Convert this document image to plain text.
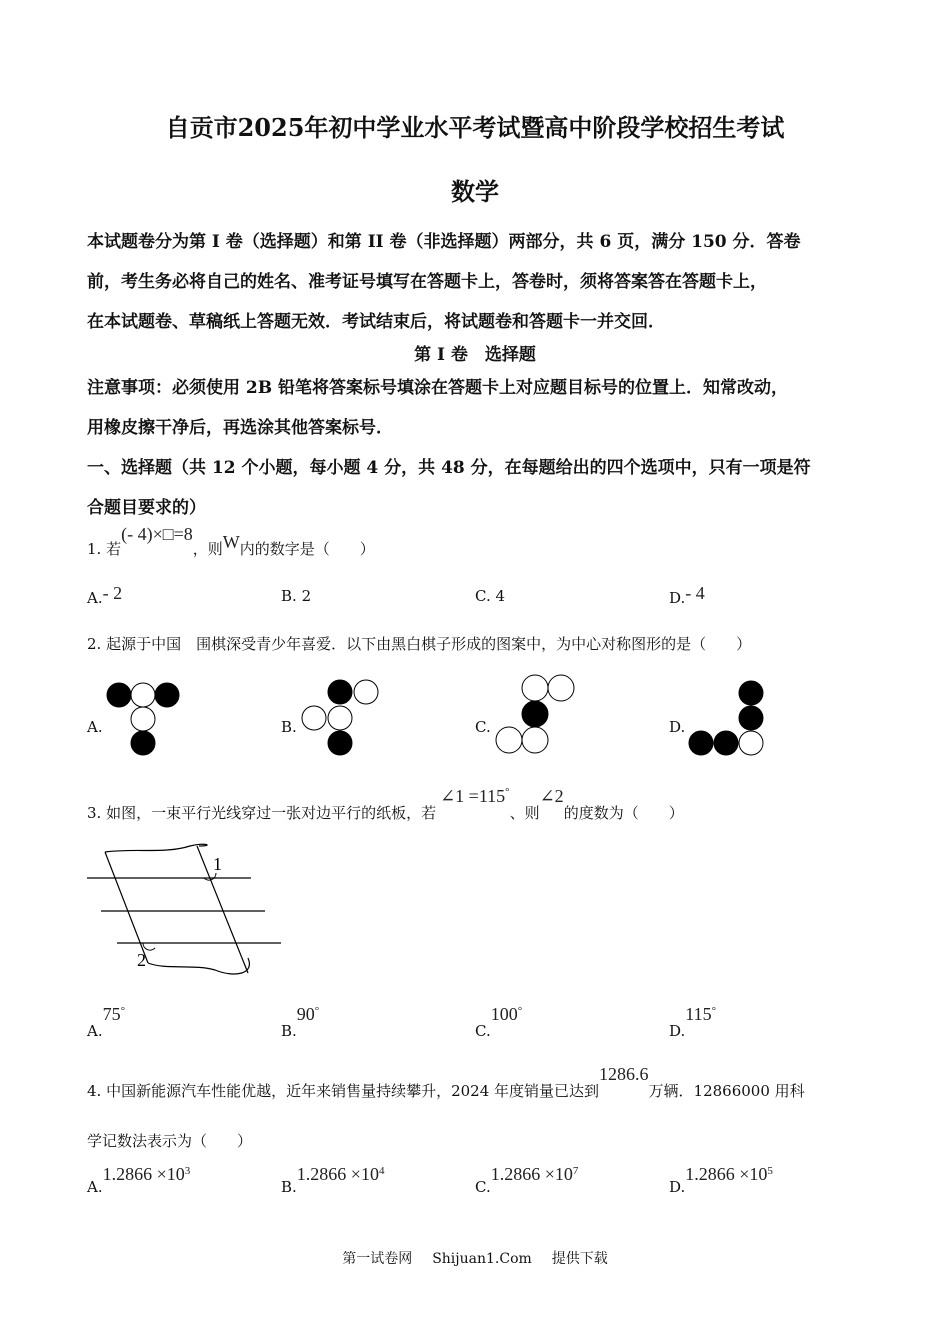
自贡市2025年初中学业水平考试暨高中阶段学校招生考试
数学
本试题卷分为第 I 卷（选择题）和第 II 卷（非选择题）两部分，共 6 页，满分 150 分．答卷
前，考生务必将自己的姓名、准考证号填写在答题卡上，答卷时，须将答案答在答题卡上，
在本试题卷、草稿纸上答题无效．考试结束后，将试题卷和答题卡一并交回．
第 I 卷　选择题
注意事项：必须使用 2B 铅笔将答案标号填涂在答题卡上对应题目标号的位置上．知常改动，
用橡皮擦干净后，再选涂其他答案标号．
一、选择题（共 12 个小题，每小题 4 分，共 48 分，在每题给出的四个选项中，只有一项是符
合题目要求的）
1. 若(- 4)×□=8，则W内的数字是（　　）
A.- 2	B. 2	C. 4	D.- 4
2. 起源于中国　围棋深受青少年喜爱．以下由黑白棋子形成的图案中，为中心对称图形的是（　　）
A.	B.	C.	D.
3. 如图，一束平行光线穿过一张对边平行的纸板，若∠1 =115°、则∠2的度数为（　　）
1
2
A.75°
B.90°
C.100°
D.115°
4. 中国新能源汽车性能优越，近年来销售量持续攀升，2024 年度销量已达到1286.6万辆．12866000 用科
学记数法表示为（　　）
$A.1.2866 \times 10^3$
$B.1.2866 \times 10^4$
$C.1.2866 \times 10^7$
$D.1.2866 \times 10^5$
第一试卷网 Shijuan1.Com 提供下载
